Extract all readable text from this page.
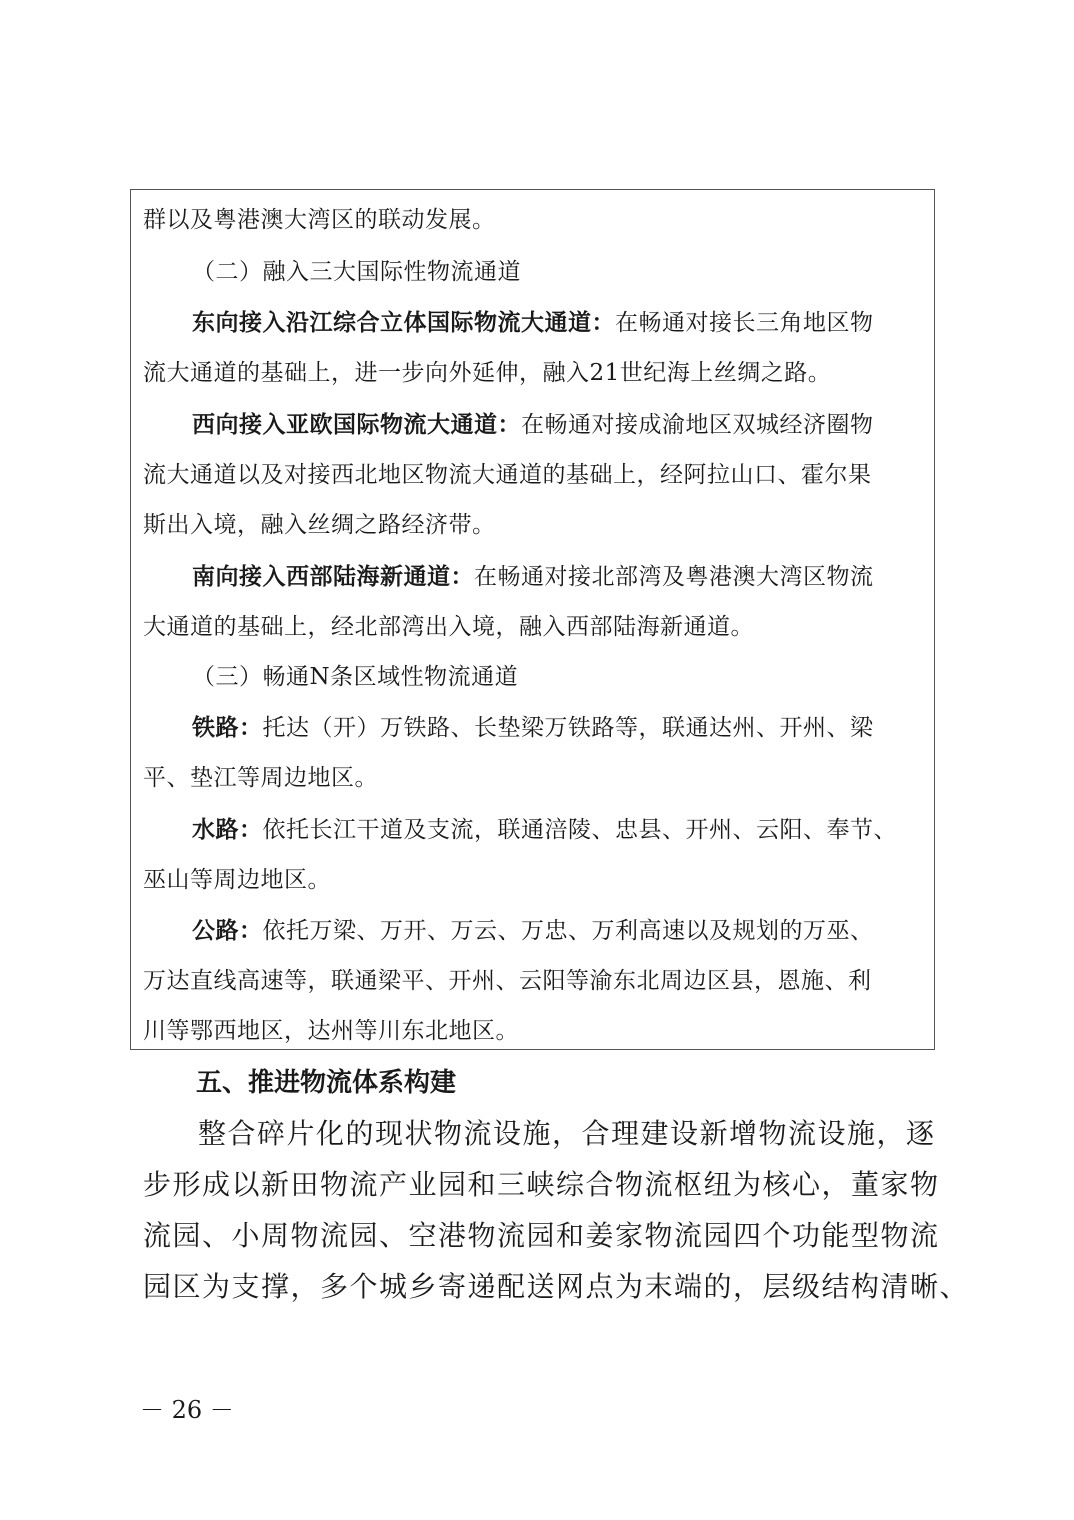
群以及粤港澳大湾区的联动发展。
（二）融入三大国际性物流通道
东向接入沿江综合立体国际物流大通道：在畅通对接长三角地区物
流大通道的基础上，进一步向外延伸，融入21世纪海上丝绸之路。
西向接入亚欧国际物流大通道：在畅通对接成渝地区双城经济圈物
流大通道以及对接西北地区物流大通道的基础上，经阿拉山口、霍尔果
斯出入境，融入丝绸之路经济带。
南向接入西部陆海新通道：在畅通对接北部湾及粤港澳大湾区物流
大通道的基础上，经北部湾出入境，融入西部陆海新通道。
（三）畅通N条区域性物流通道
铁路：托达（开）万铁路、长垫梁万铁路等，联通达州、开州、梁
平、垫江等周边地区。
水路：依托长江干道及支流，联通涪陵、忠县、开州、云阳、奉节、
巫山等周边地区。
公路：依托万梁、万开、万云、万忠、万利高速以及规划的万巫、
万达直线高速等，联通梁平、开州、云阳等渝东北周边区县，恩施、利
川等鄂西地区，达州等川东北地区。
五、推进物流体系构建
整合碎片化的现状物流设施，合理建设新增物流设施，逐
步形成以新田物流产业园和三峡综合物流枢纽为核心，董家物
流园、小周物流园、空港物流园和姜家物流园四个功能型物流
园区为支撑，多个城乡寄递配送网点为末端的，层级结构清晰、
－ 26 －
